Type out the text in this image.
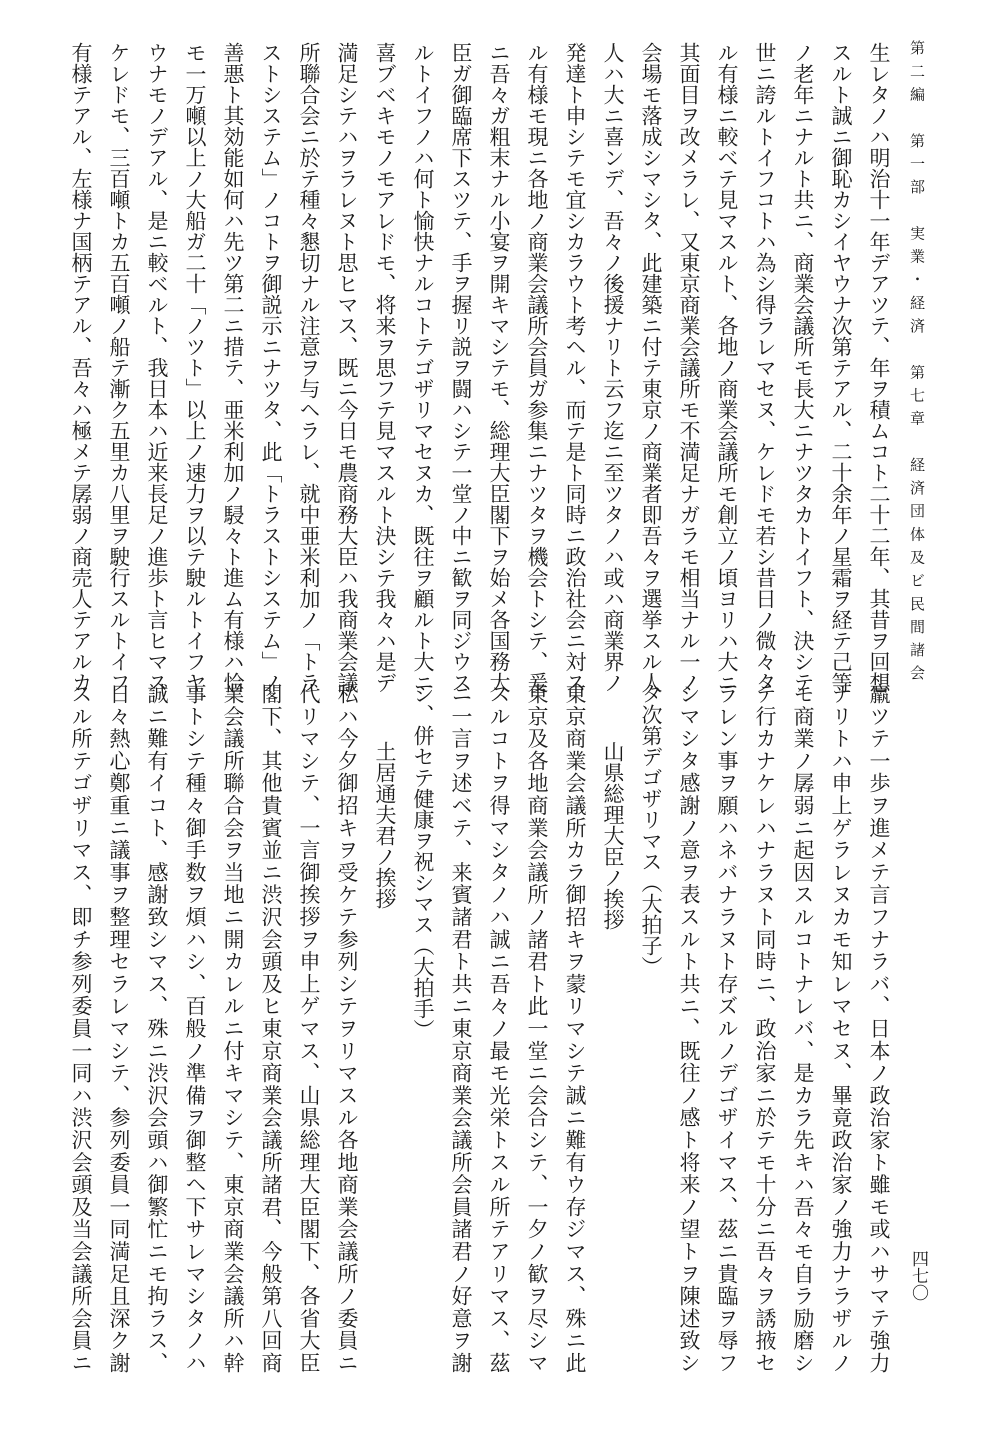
第二編　第一部　実業・経済　第七章　経済団体及ビ民間諸会
生レタノハ明治十一年デアツテ、年ヲ積ムコト二十二年、其昔ヲ回想
スルト誠ニ御恥カシイヤウナ次第テアル、二十余年ノ星霜ヲ経テ己等
ノ老年ニナルト共ニ、商業会議所モ長大ニナツタカトイフト、決シテ
世ニ誇ルトイフコトハ為シ得ラレマセヌ、ケレドモ若シ昔日ノ微々タ
ル有様ニ較ベテ見マスルト、各地ノ商業会議所モ創立ノ頃ヨリハ大ニ
其面目ヲ改メラレ、又東京商業会議所モ不満足ナガラモ相当ナル一ノ
会場モ落成シマシタ、此建築ニ付テ東京ノ商業者即吾々ヲ選挙スル人
人ハ大ニ喜ンデ、吾々ノ後援ナリト云フ迄ニ至ツタノハ或ハ商業界ノ
発達ト申シテモ宜シカラウト考ヘル、而テ是ト同時ニ政治社会ニ対ス
ル有様モ現ニ各地ノ商業会議所会員ガ参集ニナツタヲ機会トシテ、爰
ニ吾々ガ粗末ナル小宴ヲ開キマシテモ、総理大臣閣下ヲ始メ各国務大
臣ガ御臨席下スツテ、手ヲ握リ説ヲ闘ハシテ一堂ノ中ニ歓ヲ同ジウス
ルトイフノハ何ト愉快ナルコトテゴザリマセヌカ、既往ヲ顧ルト大ニ
喜ブベキモノモアレドモ、将来ヲ思フテ見マスルト決シテ我々ハ是デ
満足シテハヲラレヌト思ヒマス、既ニ今日モ農商務大臣ハ我商業会議
所聯合会ニ於テ種々懇切ナル注意ヲ与ヘラレ、就中亜米利加ノ「トラ
ストシステム」ノコトヲ御説示ニナツタ、此「トラストシステム」ノ
善悪ト其効能如何ハ先ツ第二ニ措テ、亜米利加ノ駸々ト進ム有様ハ恰
モ一万噸以上ノ大船ガ二十「ノツト」以上ノ速力ヲ以テ駛ルトイフヤ
ウナモノデアル、是ニ較ベルト、我日本ハ近来長足ノ進歩ト言ヒマス
ケレドモ、三百噸トカ五百噸ノ船テ漸ク五里カ八里ヲ駛行スルトイフ
有様テアル、左様ナ国柄テアル、吾々ハ極メテ孱弱ノ商売人テアルカ
羸ツテ一歩ヲ進メテ言フナラバ、日本ノ政治家ト雖モ或ハサマテ強力
ナリトハ申上ゲラレヌカモ知レマセヌ、畢竟政治家ノ強力ナラザルノ
モ商業ノ孱弱ニ起因スルコトナレバ、是カラ先キハ吾々モ自ラ励磨シ
テ行カナケレハナラヌト同時ニ、政治家ニ於テモ十分ニ吾々ヲ誘掖セ
ラレン事ヲ願ハネバナラヌト存ズルノデゴザイマス、茲ニ貴臨ヲ辱フ
シマシタ感謝ノ意ヲ表スルト共ニ、既往ノ感ト将来ノ望トヲ陳述致シ
タ次第デゴザリマス（大拍子）
山県総理大臣ノ挨拶
東京商業会議所カラ御招キヲ蒙リマシテ誠ニ難有ウ存ジマス、殊ニ此
東京及各地商業会議所ノ諸君ト此一堂ニ会合シテ、一夕ノ歓ヲ尽シマ
スルコトヲ得マシタノハ誠ニ吾々ノ最モ光栄トスル所テアリマス、茲
ニ一言ヲ述ベテ、来賓諸君ト共ニ東京商業会議所会員諸君ノ好意ヲ謝
シ、併セテ健康ヲ祝シマス（大拍手）
土居通夫君ノ挨拶
私ハ今夕御招キヲ受ケテ参列シテヲリマスル各地商業会議所ノ委員ニ
代リマシテ、一言御挨拶ヲ申上ゲマス、山県総理大臣閣下、各省大臣
閣下、其他貴賓並ニ渋沢会頭及ヒ東京商業会議所諸君、今般第八回商
業会議所聯合会ヲ当地ニ開カレルニ付キマシテ、東京商業会議所ハ幹
事トシテ種々御手数ヲ煩ハシ、百般ノ準備ヲ御整ヘ下サレマシタノハ
誠ニ難有イコト、感謝致シマス、殊ニ渋沢会頭ハ御繁忙ニモ拘ラス、
日々熱心鄭重ニ議事ヲ整理セラレマシテ、参列委員一同満足且深ク謝
スル所テゴザリマス、即チ参列委員一同ハ渋沢会頭及当会議所会員ニ	四七〇
